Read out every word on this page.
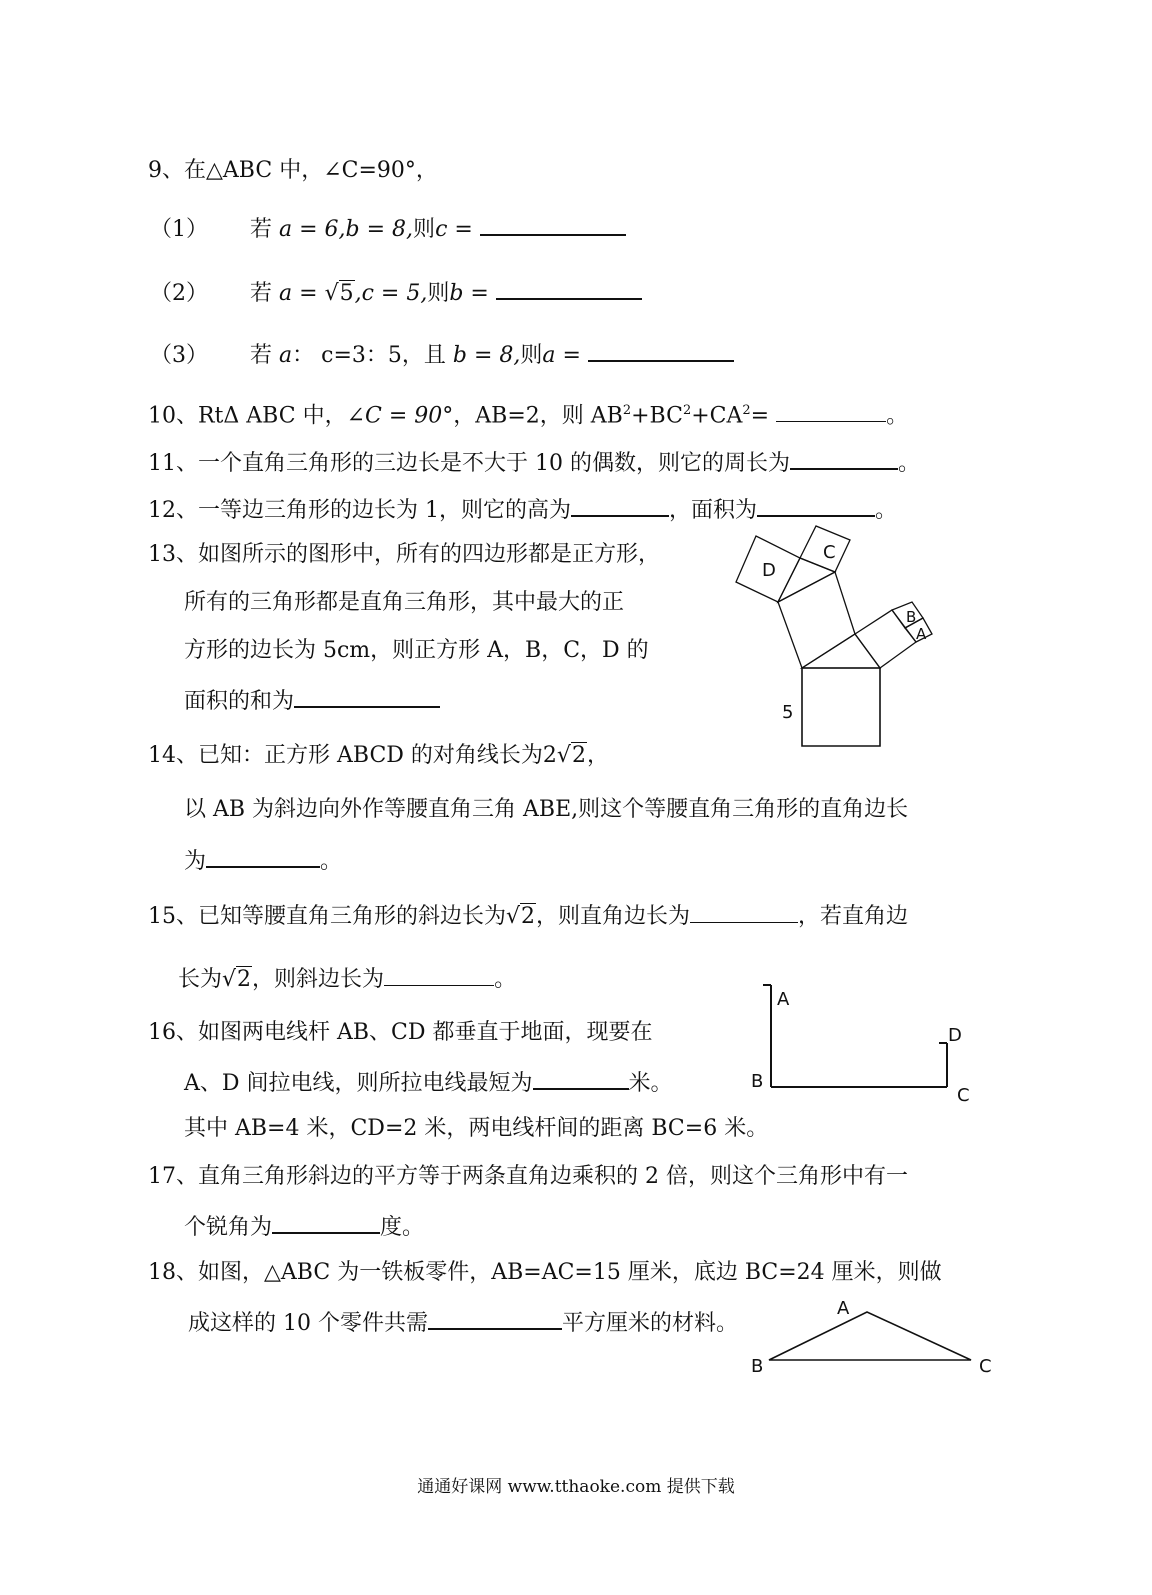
9、在△ABC 中，∠C=90°，
（1） 若 a = 6,b = 8,则c =
（2） 若 a = √5,c = 5,则b =
（3） 若 a： c=3：5，且 b = 8,则a =
10、RtΔ ABC 中，∠C = 90°，AB=2，则 $AB^2+BC^2+CA^2=$	。
11、一个直角三角形的三边长是不大于 10 的偶数，则它的周长为	。
12、一等边三角形的边长为 1，则它的高为	，面积为	。
13、如图所示的图形中，所有的四边形都是正方形，
所有的三角形都是直角三角形，其中最大的正
方形的边长为 5cm，则正方形 A，B，C，D 的
面积的和为
D
C
B
A
5
14、已知：正方形 ABCD 的对角线长为2√2，
以 AB 为斜边向外作等腰直角三角 ABE,则这个等腰直角三角形的直角边长
为	。
15、已知等腰直角三角形的斜边长为√2，则直角边长为	，若直角边
长为√2，则斜边长为	。
16、如图两电线杆 AB、CD 都垂直于地面，现要在
A、D 间拉电线，则所拉电线最短为	米。
其中 AB=4 米，CD=2 米，两电线杆间的距离 BC=6 米。
A
B
C
D
17、直角三角形斜边的平方等于两条直角边乘积的 2 倍，则这个三角形中有一
个锐角为	度。
18、如图，△ABC 为一铁板零件，AB=AC=15 厘米，底边 BC=24 厘米，则做
成这样的 10 个零件共需	平方厘米的材料。
A
B	C
通通好课网 www.tthaoke.com 提供下载
